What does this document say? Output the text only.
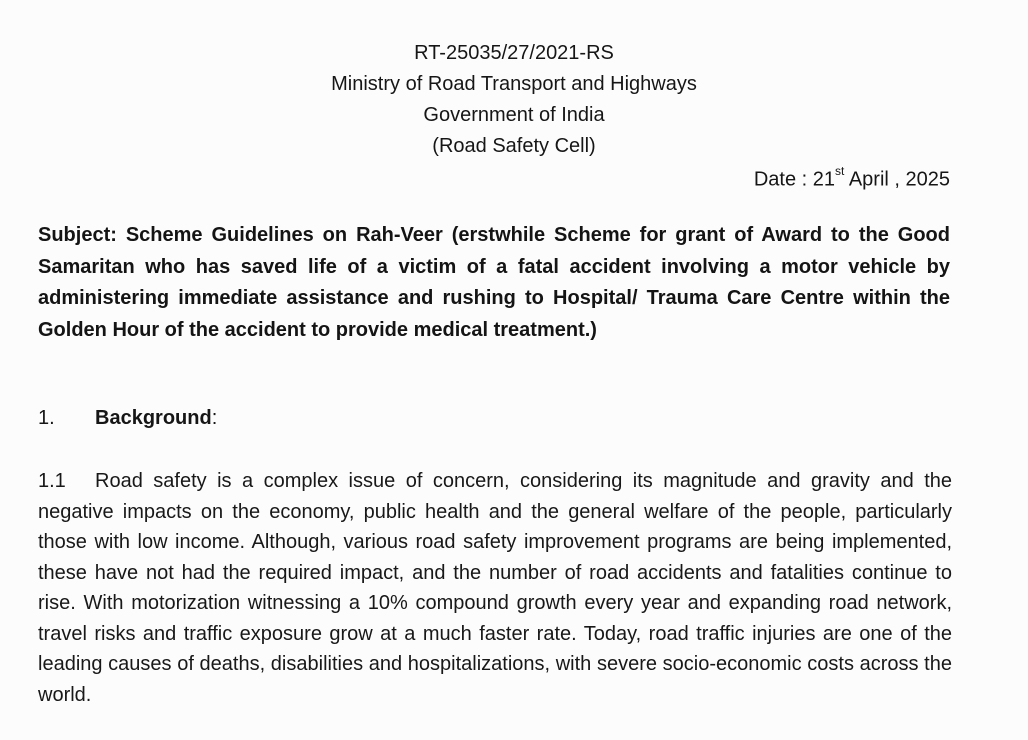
RT-25035/27/2021-RS
Ministry of Road Transport and Highways
Government of India
(Road Safety Cell)
Date : 21st April , 2025
Subject: Scheme Guidelines on Rah-Veer (erstwhile Scheme for grant of Award to the Good Samaritan who has saved life of a victim of a fatal accident involving a motor vehicle by administering immediate assistance and rushing to Hospital/ Trauma Care Centre within the Golden Hour of the accident to provide medical treatment.)
1. Background:
1.1 Road safety is a complex issue of concern, considering its magnitude and gravity and the negative impacts on the economy, public health and the general welfare of the people, particularly those with low income. Although, various road safety improvement programs are being implemented, these have not had the required impact, and the number of road accidents and fatalities continue to rise. With motorization witnessing a 10% compound growth every year and expanding road network, travel risks and traffic exposure grow at a much faster rate. Today, road traffic injuries are one of the leading causes of deaths, disabilities and hospitalizations, with severe socio-economic costs across the world.
